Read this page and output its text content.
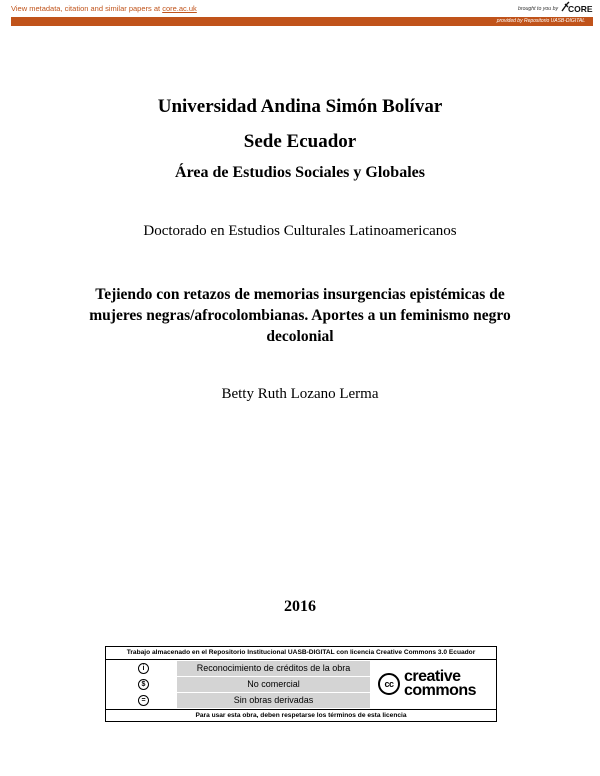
View metadata, citation and similar papers at core.ac.uk	brought to you by CORE
provided by Repositorio UASB-DIGITAL
Universidad Andina Simón Bolívar
Sede Ecuador
Área de Estudios Sociales y Globales
Doctorado en Estudios Culturales Latinoamericanos
Tejiendo con retazos de memorias insurgencias epistémicas de mujeres negras/afrocolombianas. Aportes a un feminismo negro decolonial
Betty Ruth Lozano Lerma
2016
Trabajo almacenado en el Repositorio Institucional UASB-DIGITAL con licencia Creative Commons 3.0 Ecuador
i
$
=
Reconocimiento de créditos de la obra
No comercial
Sin obras derivadas
cc creative
commons
Para usar esta obra, deben respetarse los términos de esta licencia
